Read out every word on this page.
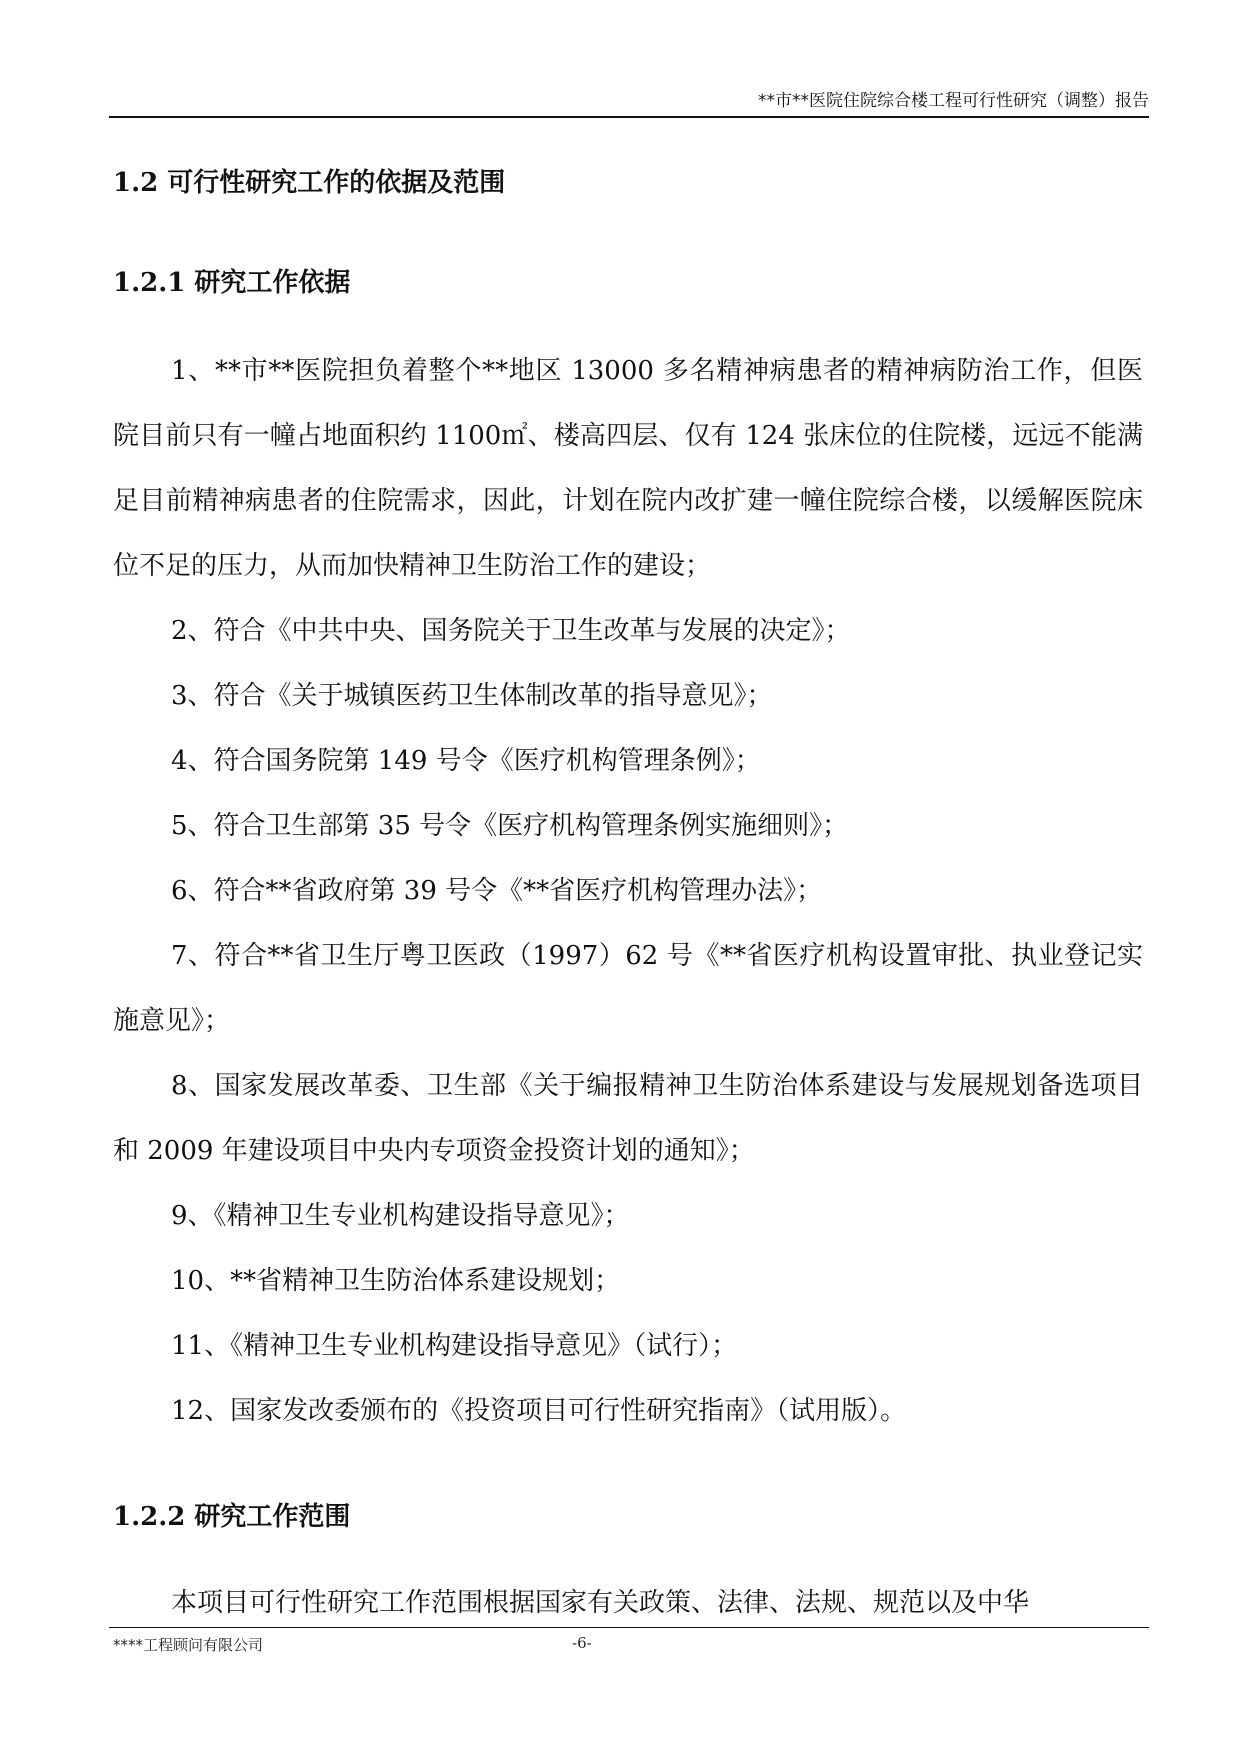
**市**医院住院综合楼工程可行性研究（调整）报告
1.2 可行性研究工作的依据及范围
1.2.1 研究工作依据

1、**市**医院担负着整个**地区 13000 多名精神病患者的精神病防治工作，但医院目前只有一幢占地面积约 1100㎡、楼高四层、仅有 124 张床位的住院楼，远远不能满足目前精神病患者的住院需求，因此，计划在院内改扩建一幢住院综合楼，以缓解医院床位不足的压力，从而加快精神卫生防治工作的建设；

2、符合《中共中央、国务院关于卫生改革与发展的决定》；

3、符合《关于城镇医药卫生体制改革的指导意见》；

4、符合国务院第 149 号令《医疗机构管理条例》；

5、符合卫生部第 35 号令《医疗机构管理条例实施细则》；

6、符合**省政府第 39 号令《**省医疗机构管理办法》；

7、符合**省卫生厅粤卫医政（1997）62 号《**省医疗机构设置审批、执业登记实施意见》；

8、国家发展改革委、卫生部《关于编报精神卫生防治体系建设与发展规划备选项目和 2009 年建设项目中央内专项资金投资计划的通知》；

9、《精神卫生专业机构建设指导意见》；

10、**省精神卫生防治体系建设规划；

11、《精神卫生专业机构建设指导意见》（试行）；

12、国家发改委颁布的《投资项目可行性研究指南》（试用版）。

1.2.2 研究工作范围

本项目可行性研究工作范围根据国家有关政策、法律、法规、规范以及中华

****工程顾问有限公司	-6-
